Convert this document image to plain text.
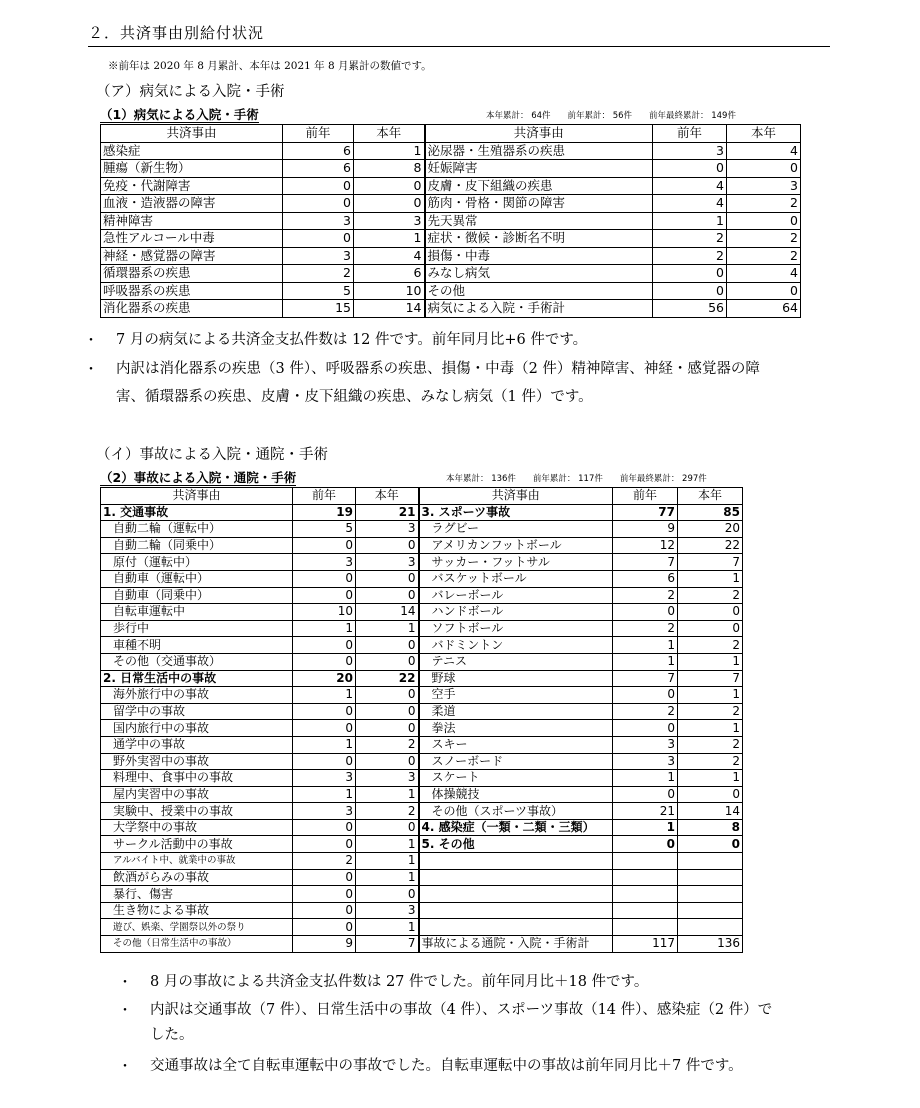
２．共済事由別給付状況
※前年は 2020 年 8 月累計、本年は 2021 年 8 月累計の数値です。
（ア）病気による入院・手術
（1）病気による入院・手術	本年累計： 64件　　前年累計： 56件　　前年最終累計： 149件
共済事由	前年	本年	共済事由	前年	本年
感染症	6	1	泌尿器・生殖器系の疾患	3	4
腫瘍（新生物）	6	8	妊娠障害	0	0
免疫・代謝障害	0	0	皮膚・皮下組織の疾患	4	3
血液・造液器の障害	0	0	筋肉・骨格・関節の障害	4	2
精神障害	3	3	先天異常	1	0
急性アルコール中毒	0	1	症状・徴候・診断名不明	2	2
神経・感覚器の障害	3	4	損傷・中毒	2	2
循環器系の疾患	2	6	みなし病気	0	4
呼吸器系の疾患	5	10	その他	0	0
消化器系の疾患	15	14	病気による入院・手術計	56	64
・ 7 月の病気による共済金支払件数は 12 件です。前年同月比+6 件です。
・ 内訳は消化器系の疾患（3 件）、呼吸器系の疾患、損傷・中毒（2 件）精神障害、神経・感覚器の障
害、循環器系の疾患、皮膚・皮下組織の疾患、みなし病気（1 件）です。
（イ）事故による入院・通院・手術
（2）事故による入院・通院・手術	本年累計： 136件　　前年累計： 117件　　前年最終累計： 297件
共済事由	前年	本年	共済事由	前年	本年
1. 交通事故	19	21	3. スポーツ事故	77	85
自動二輪（運転中）	5	3	ラグビー	9	20
自動二輪（同乗中）	0	0	アメリカンフットボール	12	22
原付（運転中）	3	3	サッカー・フットサル	7	7
自動車（運転中）	0	0	バスケットボール	6	1
自動車（同乗中）	0	0	バレーボール	2	2
自転車運転中	10	14	ハンドボール	0	0
歩行中	1	1	ソフトボール	2	0
車種不明	0	0	バドミントン	1	2
その他（交通事故）	0	0	テニス	1	1
2. 日常生活中の事故	20	22	野球	7	7
海外旅行中の事故	1	0	空手	0	1
留学中の事故	0	0	柔道	2	2
国内旅行中の事故	0	0	拳法	0	1
通学中の事故	1	2	スキー	3	2
野外実習中の事故	0	0	スノーボード	3	2
料理中、食事中の事故	3	3	スケート	1	1
屋内実習中の事故	1	1	体操競技	0	0
実験中、授業中の事故	3	2	その他（スポーツ事故）	21	14
大学祭中の事故	0	0	4. 感染症（一類・二類・三類）	1	8
サークル活動中の事故	0	1	5. その他	0	0
アルバイト中、就業中の事故	2	1			
飲酒がらみの事故	0	1			
暴行、傷害	0	0			
生き物による事故	0	3			
遊び、娯楽、学園祭以外の祭り	0	1			
その他（日常生活中の事故）	9	7	事故による通院・入院・手術計	117	136
・ 8 月の事故による共済金支払件数は 27 件でした。前年同月比＋18 件です。
・ 内訳は交通事故（7 件）、日常生活中の事故（4 件）、スポーツ事故（14 件）、感染症（2 件）で
した。
・ 交通事故は全て自転車運転中の事故でした。自転車運転中の事故は前年同月比＋7 件です。
